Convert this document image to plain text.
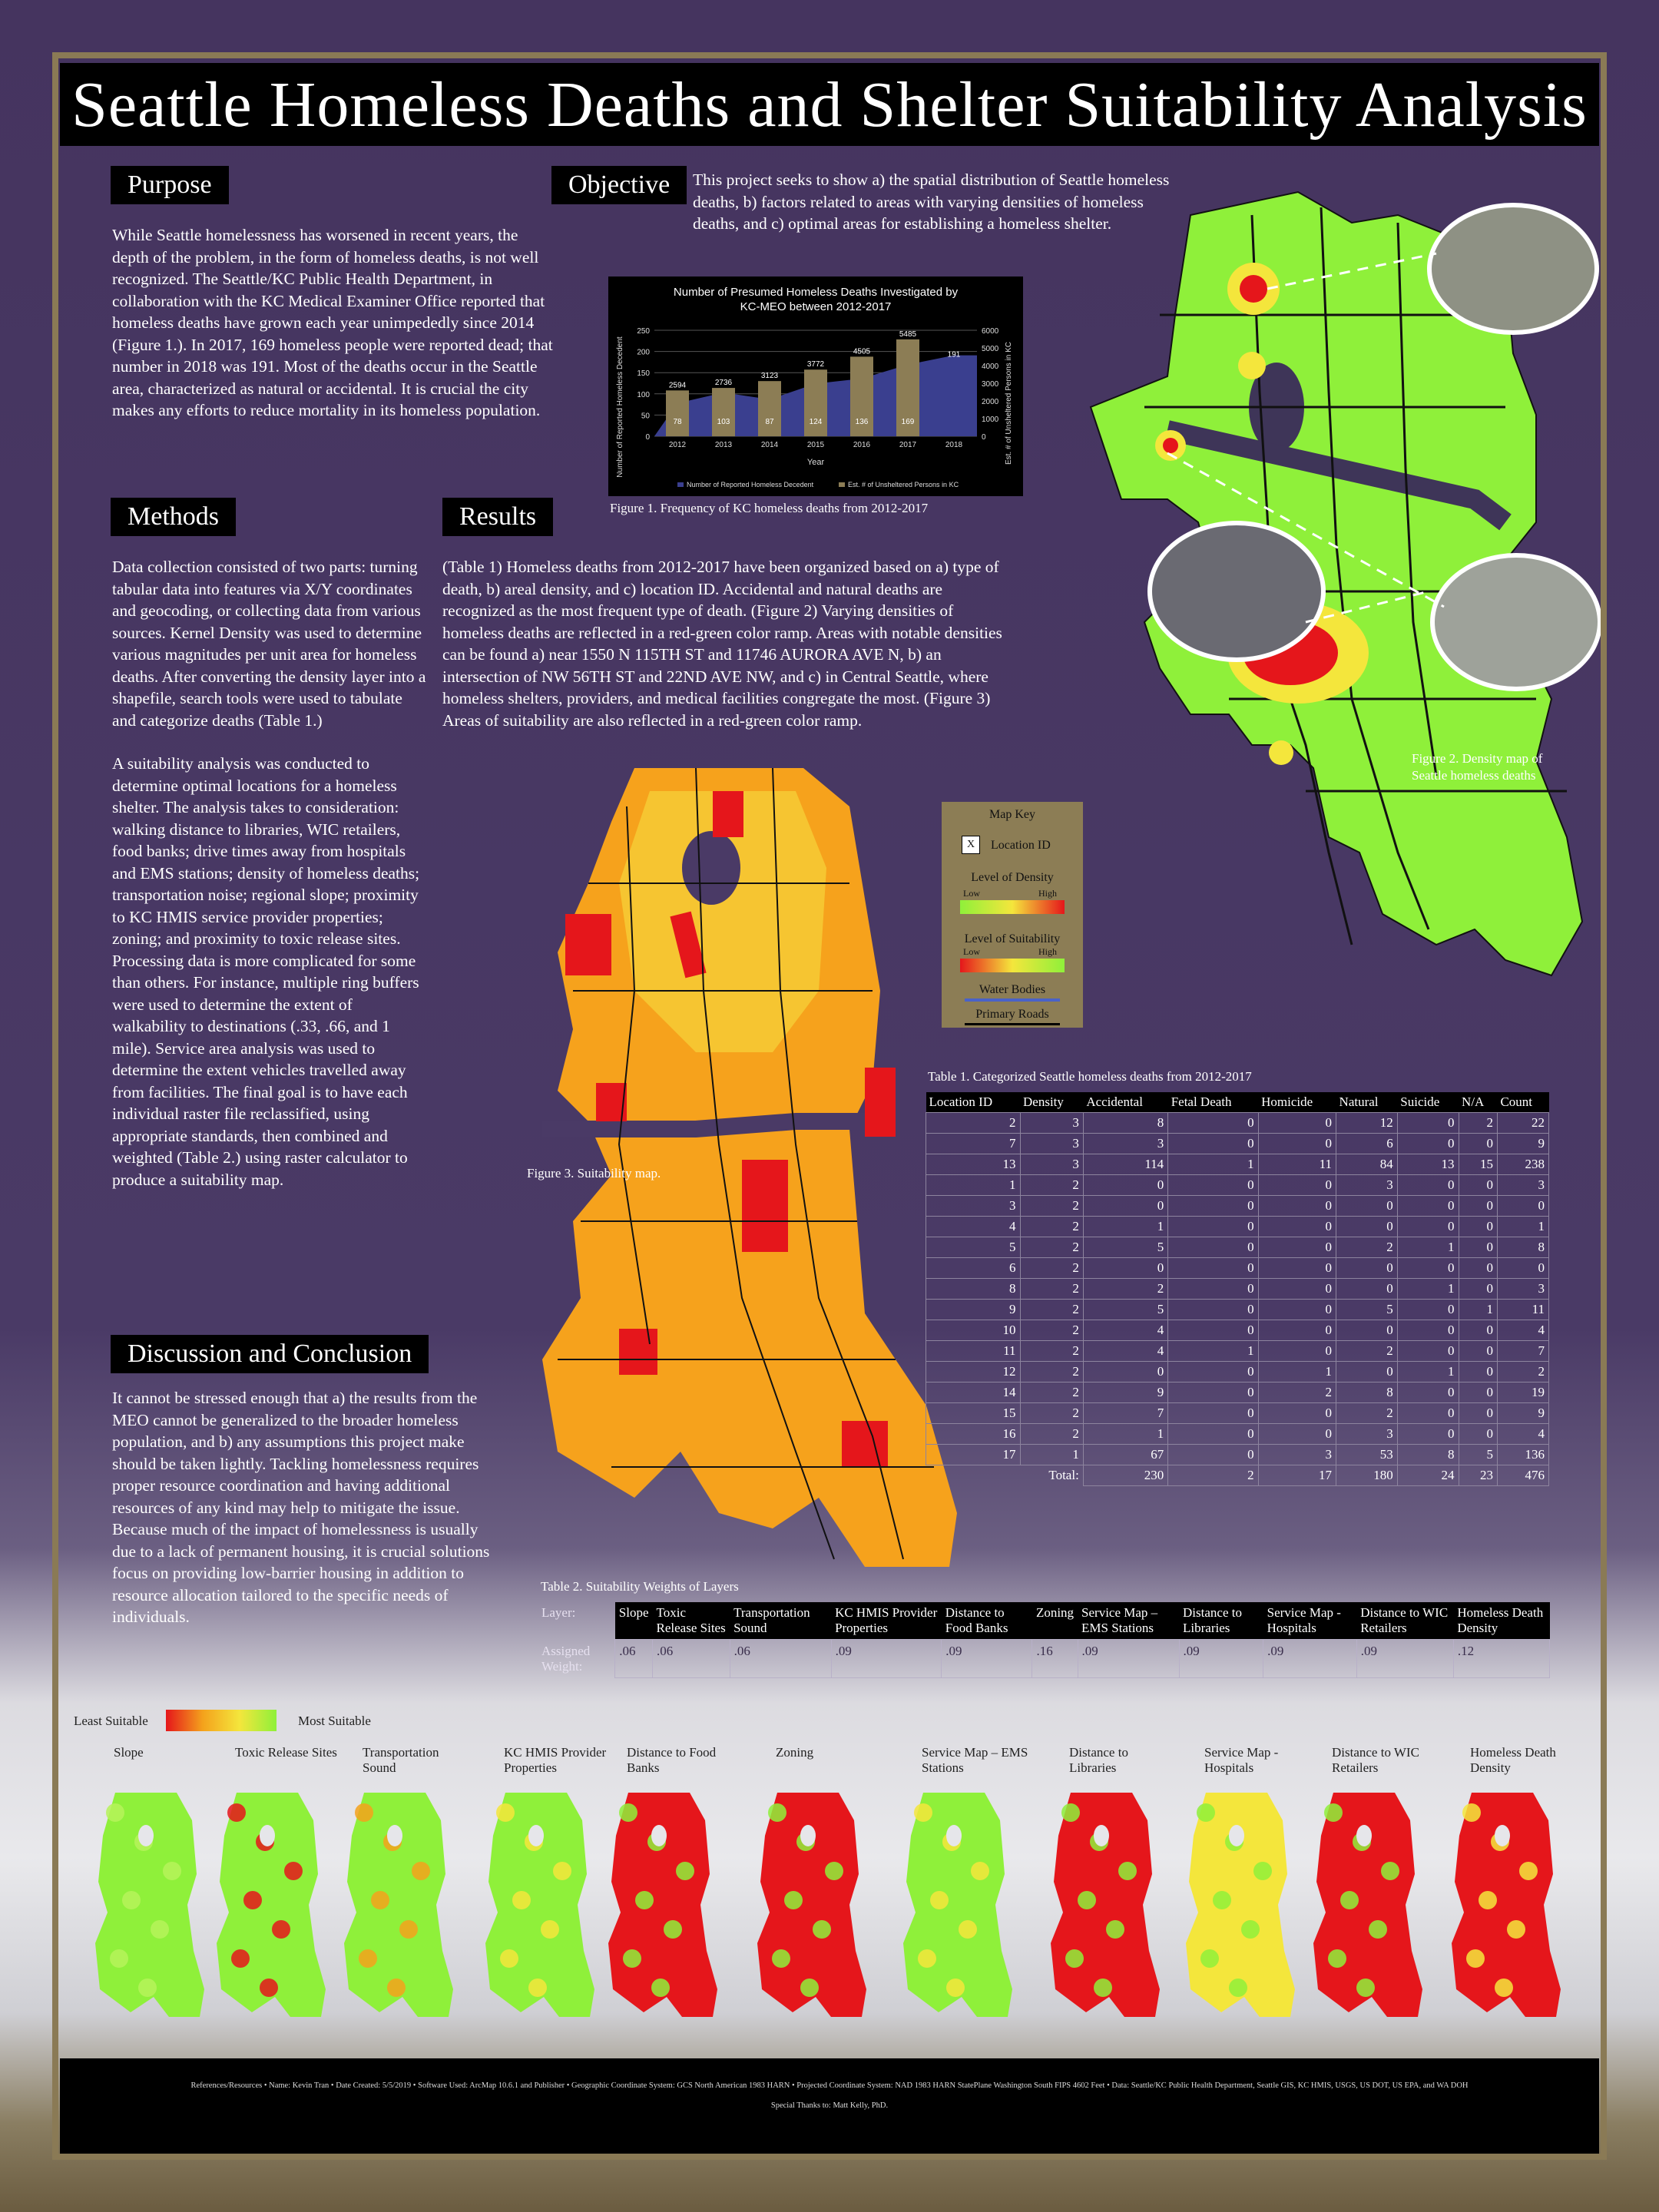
Seattle Homeless Deaths and Shelter Suitability Analysis
Purpose

While Seattle homelessness has worsened in recent years, the depth of the problem, in the form of homeless deaths, is not well recognized. The Seattle/KC Public Health Department, in collaboration with the KC Medical Examiner Office reported that homeless deaths have grown each year unimpededly since 2014 (Figure 1.). In 2017, 169 homeless people were reported dead; that number in 2018 was 191. Most of the deaths occur in the Seattle area, characterized as natural or accidental. It is crucial the city makes any efforts to reduce mortality in its homeless population.

Objective	This project seeks to show a) the spatial distribution of Seattle homeless deaths, b) factors related to areas with varying densities of homeless deaths, and c) optimal areas for establishing a homeless shelter.

Number of Presumed Homeless Deaths Investigated by
KC-MEO between 2012-2017
Number of Reported Homeless Decedent	Est. # of Unsheltered Persons in KC
Year
0
50
100
150
200
250
0
1000
2000
3000
4000
5000
6000
2594	2736
3123
3772
4505
5485
78	103	87	124	136	169
191
2012	2013	2014	2015	2016	2017	2018
Number of Reported Homeless Decedent	Est. # of Unsheltered Persons in KC
Figure 1. Frequency of KC homeless deaths from 2012-2017
Figure 2. Density map of
Seattle homeless deaths
Methods

Data collection consisted of two parts: turning tabular data into features via X/Y coordinates and geocoding, or collecting data from various sources. Kernel Density was used to determine various magnitudes per unit area for homeless deaths. After converting the density layer into a shapefile, search tools were used to tabulate and categorize deaths (Table 1.)

A suitability analysis was conducted to determine optimal locations for a homeless shelter. The analysis takes to consideration: walking distance to libraries, WIC retailers, food banks; drive times away from hospitals and EMS stations; density of homeless deaths; transportation noise; regional slope; proximity to KC HMIS service provider properties; zoning; and proximity to toxic release sites. Processing data is more complicated for some than others. For instance, multiple ring buffers were used to determine the extent of walkability to destinations (.33, .66, and 1 mile). Service area analysis was used to determine the extent vehicles travelled away from facilities. The final goal is to have each individual raster file reclassified, using appropriate standards, then combined and weighted (Table 2.) using raster calculator to produce a suitability map.

Results

(Table 1) Homeless deaths from 2012-2017 have been organized based on a) type of death, b) areal density, and c) location ID. Accidental and natural deaths are recognized as the most frequent type of death. (Figure 2) Varying densities of homeless deaths are reflected in a red-green color ramp. Areas with notable densities can be found a) near 1550 N 115TH ST and 11746 AURORA AVE N, b) an intersection of NW 56TH ST and 22ND AVE NW, and c) in Central Seattle, where homeless shelters, providers, and medical facilities congregate the most. (Figure 3) Areas of suitability are also reflected in a red-green color ramp.

Figure 3. Suitability map.
Map Key
X	Location ID
Level of Density
Low	High
Level of Suitability
Low	High
Water Bodies
Primary Roads
Table 1. Categorized Seattle homeless deaths from 2012-2017
Location ID	Density	Accidental	Fetal Death	Homicide	Natural	Suicide	N/A	Count
2	3	8	0	0	12	0	2	22
7	3	3	0	0	6	0	0	9
13	3	114	1	11	84	13	15	238
1	2	0	0	0	3	0	0	3
3	2	0	0	0	0	0	0	0
4	2	1	0	0	0	0	0	1
5	2	5	0	0	2	1	0	8
6	2	0	0	0	0	0	0	0
8	2	2	0	0	0	1	0	3
9	2	5	0	0	5	0	1	11
10	2	4	0	0	0	0	0	4
11	2	4	1	0	2	0	0	7
12	2	0	0	1	0	1	0	2
14	2	9	0	2	8	0	0	19
15	2	7	0	0	2	0	0	9
16	2	1	0	0	3	0	0	4
17	1	67	0	3	53	8	5	136
	Total:	230	2	17	180	24	23	476
Discussion and Conclusion

It cannot be stressed enough that a) the results from the MEO cannot be generalized to the broader homeless population, and b) any assumptions this project make should be taken lightly. Tackling homelessness requires proper resource coordination and having additional resources of any kind may help to mitigate the issue. Because much of the impact of homelessness is usually due to a lack of permanent housing, it is crucial solutions focus on providing low-barrier housing in addition to resource allocation tailored to the specific needs of individuals.

Table 2. Suitability Weights of Layers
Layer:	Slope	Toxic Release Sites	Transportation Sound	KC HMIS Provider Properties	Distance to Food Banks	Zoning	Service Map – EMS Stations	Distance to Libraries	Service Map - Hospitals	Distance to WIC Retailers	Homeless Death Density
Assigned Weight:	.06	.06	.06	.09	.09	.16	.09	.09	.09	.09	.12
Least Suitable	Most Suitable
Slope	Toxic Release Sites	Transportation Sound
KC HMIS Provider Properties
Distance to Food Banks
Zoning	Service Map – EMS Stations
Distance to Libraries
Service Map - Hospitals
Distance to WIC Retailers
Homeless Death Density
References/Resources • Name: Kevin Tran • Date Created: 5/5/2019 • Software Used: ArcMap 10.6.1 and Publisher • Geographic Coordinate System: GCS North American 1983 HARN • Projected Coordinate System: NAD 1983 HARN StatePlane Washington South FIPS 4602 Feet • Data: Seattle/KC Public Health Department, Seattle GIS, KC HMIS, USGS, US DOT, US EPA, and WA DOH
Special Thanks to: Matt Kelly, PhD.
